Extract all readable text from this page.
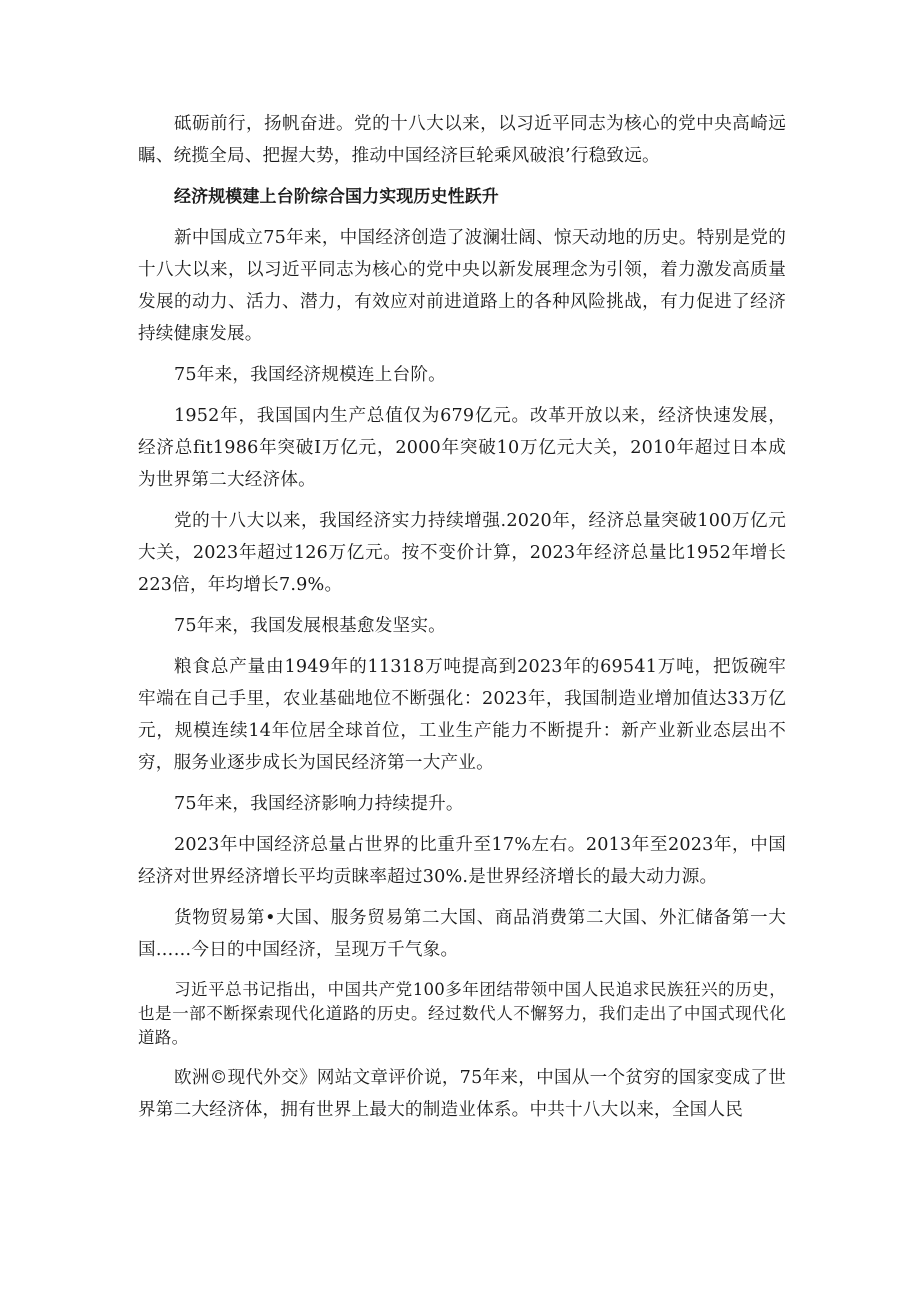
砥砺前行，扬帆奋进。党的十八大以来，以习近平同志为核心的党中央高崎远瞩、统揽全局、把握大势，推动中国经济巨轮乘风破浪’行稳致远。

经济规模建上台阶综合国力实现历史性跃升

新中国成立75年来，中国经济创造了波澜壮阔、惊天动地的历史。特别是党的十八大以来，以习近平同志为核心的党中央以新发展理念为引领，着力激发高质量发展的动力、活力、潜力，有效应对前进道路上的各种风险挑战，有力促进了经济持续健康发展。

75年来，我国经济规模连上台阶。

1952年，我国国内生产总值仅为679亿元。改革开放以来，经济快速发展，经济总fit1986年突破I万亿元，2000年突破10万亿元大关，2010年超过日本成为世界第二大经济体。

党的十八大以来，我国经济实力持续增强.2020年，经济总量突破100万亿元大关，2023年超过126万亿元。按不变价计算，2023年经济总量比1952年增长223倍，年均增长7.9%。

75年来，我国发展根基愈发坚实。

粮食总产量由1949年的11318万吨提高到2023年的69541万吨，把饭碗牢牢端在自己手里，农业基础地位不断强化：2023年，我国制造业增加值达33万亿元，规模连续14年位居全球首位，工业生产能力不断提升：新产业新业态层出不穷，服务业逐步成长为国民经济第一大产业。

75年来，我国经济影响力持续提升。

2023年中国经济总量占世界的比重升至17%左右。2013年至2023年，中国经济对世界经济增长平均贡睐率超过30%.是世界经济增长的最大动力源。

货物贸易第•大国、服务贸易第二大国、商品消费第二大国、外汇储备第一大国……今日的中国经济，呈现万千气象。

习近平总书记指出，中国共产党100多年团结带领中国人民追求民族狂兴的历史，也是一部不断探索现代化道路的历史。经过数代人不懈努力，我们走出了中国式现代化道路。

欧洲©现代外交》网站文章评价说，75年来，中国从一个贫穷的国家变成了世界第二大经济体，拥有世界上最大的制造业体系。中共十八大以来，全国人民
